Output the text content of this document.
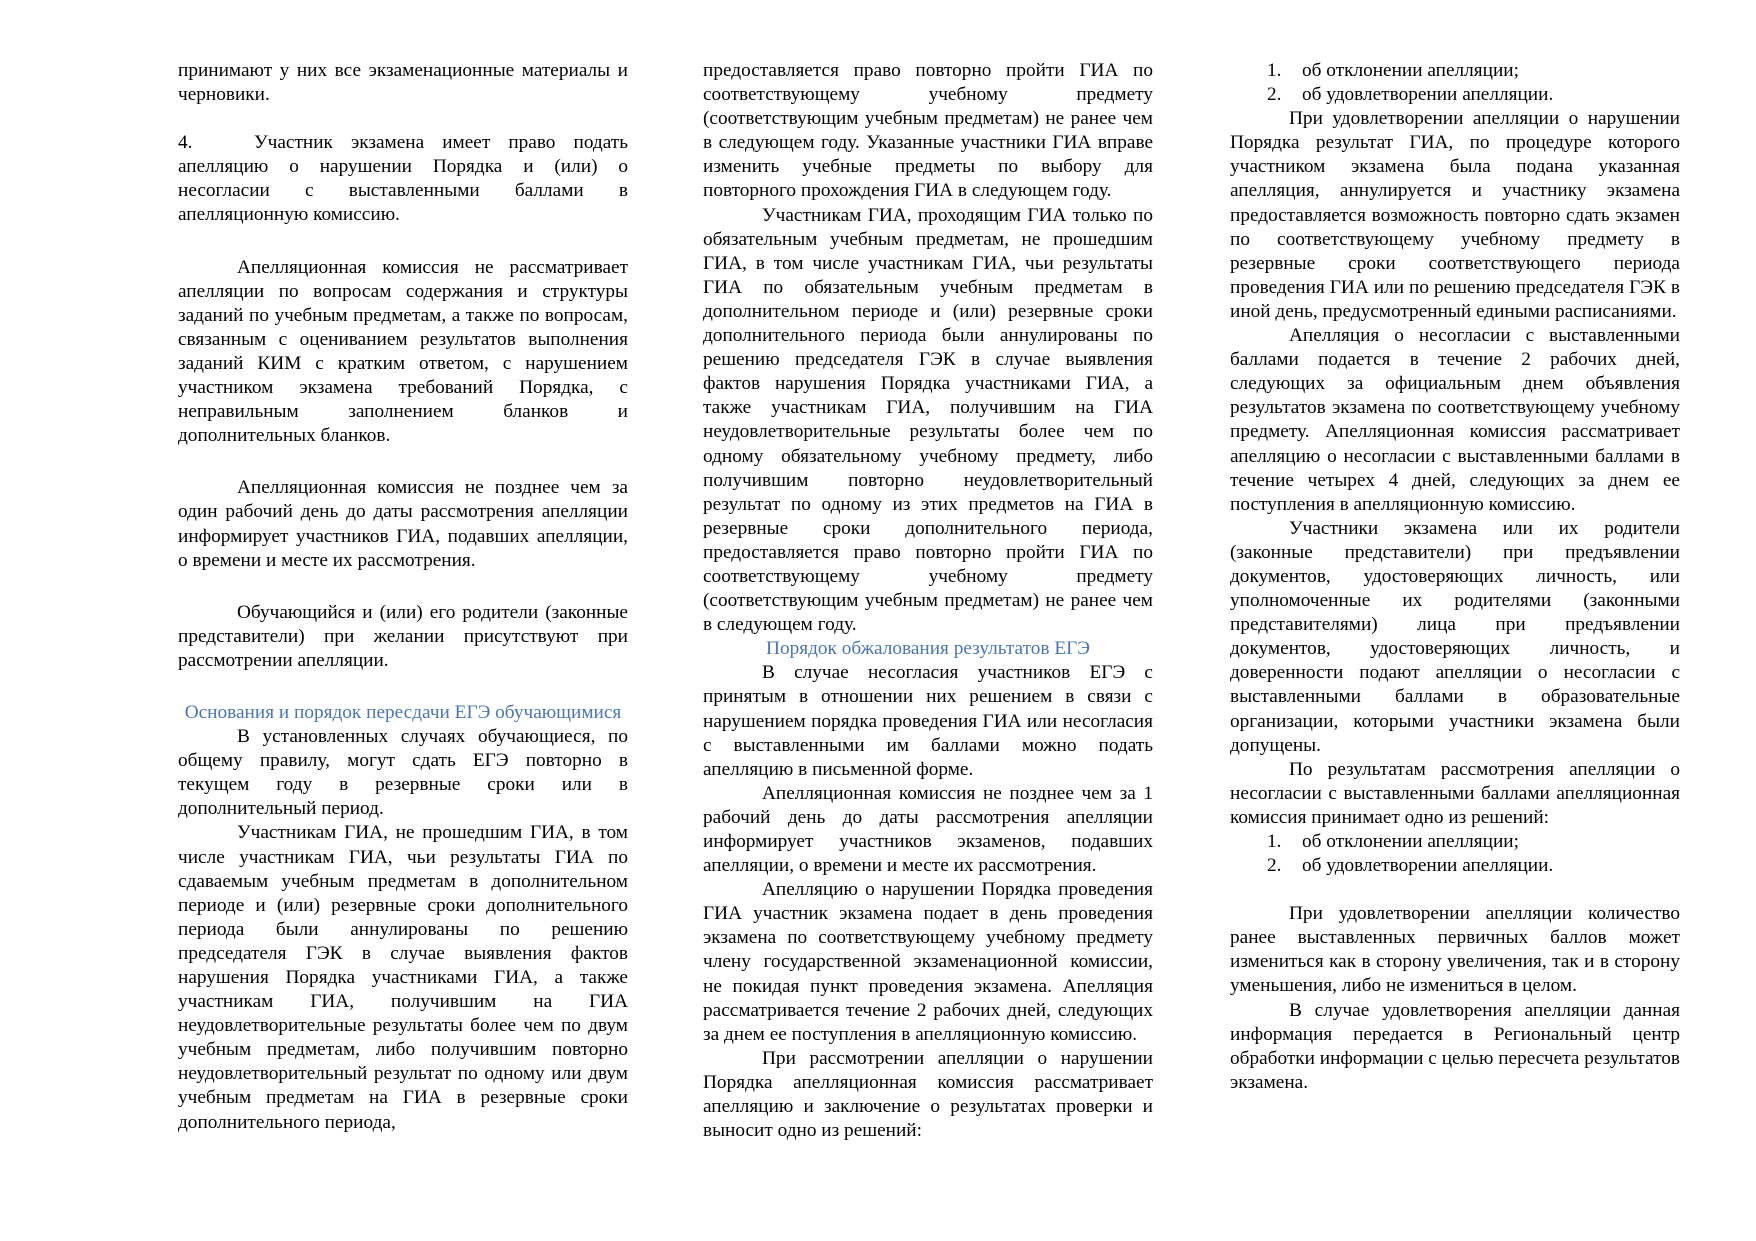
принимают у них все экзаменационные материалы и черновики.

4.	Участник экзамена имеет право подать апелляцию о нарушении Порядка и (или) о несогласии с выставленными баллами в апелляционную комиссию.

Апелляционная комиссия не рассматривает апелляции по вопросам содержания и структуры заданий по учебным предметам, а также по вопросам, связанным с оцениванием результатов выполнения заданий КИМ с кратким ответом, с нарушением участником экзамена требований Порядка, с неправильным заполнением бланков и дополнительных бланков.

Апелляционная комиссия не позднее чем за один рабочий день до даты рассмотрения апелляции информирует участников ГИА, подавших апелляции, о времени и месте их рассмотрения.

Обучающийся и (или) его родители (законные представители) при желании присутствуют при рассмотрении апелляции.

Основания и порядок пересдачи ЕГЭ обучающимися

В установленных случаях обучающиеся, по общему правилу, могут сдать ЕГЭ повторно в текущем году в резервные сроки или в дополнительный период.

Участникам ГИА, не прошедшим ГИА, в том числе участникам ГИА, чьи результаты ГИА по сдаваемым учебным предметам в дополнительном периоде и (или) резервные сроки дополнительного периода были аннулированы по решению председателя ГЭК в случае выявления фактов нарушения Порядка участниками ГИА, а также участникам ГИА, получившим на ГИА неудовлетворительные результаты более чем по двум учебным предметам, либо получившим повторно неудовлетворительный результат по одному или двум учебным предметам на ГИА в резервные сроки дополнительного периода,

предоставляется право повторно пройти ГИА по соответствующему учебному предмету (соответствующим учебным предметам) не ранее чем в следующем году. Указанные участники ГИА вправе изменить учебные предметы по выбору для повторного прохождения ГИА в следующем году.

Участникам ГИА, проходящим ГИА только по обязательным учебным предметам, не прошедшим ГИА, в том числе участникам ГИА, чьи результаты ГИА по обязательным учебным предметам в дополнительном периоде и (или) резервные сроки дополнительного периода были аннулированы по решению председателя ГЭК в случае выявления фактов нарушения Порядка участниками ГИА, а также участникам ГИА, получившим на ГИА неудовлетворительные результаты более чем по одному обязательному учебному предмету, либо получившим повторно неудовлетворительный результат по одному из этих предметов на ГИА в резервные сроки дополнительного периода, предоставляется право повторно пройти ГИА по соответствующему учебному предмету (соответствующим учебным предметам) не ранее чем в следующем году.

Порядок обжалования результатов ЕГЭ

В случае несогласия участников ЕГЭ с принятым в отношении них решением в связи с нарушением порядка проведения ГИА или несогласия с выставленными им баллами можно подать апелляцию в письменной форме.

Апелляционная комиссия не позднее чем за 1 рабочий день до даты рассмотрения апелляции информирует участников экзаменов, подавших апелляции, о времени и месте их рассмотрения.

Апелляцию о нарушении Порядка проведения ГИА участник экзамена подает в день проведения экзамена по соответствующему учебному предмету члену государственной экзаменационной комиссии, не покидая пункт проведения экзамена. Апелляция рассматривается течение 2 рабочих дней, следующих за днем ее поступления в апелляционную комиссию.

При рассмотрении апелляции о нарушении Порядка апелляционная комиссия рассматривает апелляцию и заключение о результатах проверки и выносит одно из решений:

1.	об отклонении апелляции;
2.	об удовлетворении апелляции.

При удовлетворении апелляции о нарушении Порядка результат ГИА, по процедуре которого участником экзамена была подана указанная апелляция, аннулируется и участнику экзамена предоставляется возможность повторно сдать экзамен по соответствующему учебному предмету в резервные сроки соответствующего периода проведения ГИА или по решению председателя ГЭК в иной день, предусмотренный едиными расписаниями.

Апелляция о несогласии с выставленными баллами подается в течение 2 рабочих дней, следующих за официальным днем объявления результатов экзамена по соответствующему учебному предмету. Апелляционная комиссия рассматривает апелляцию о несогласии с выставленными баллами в течение четырех 4 дней, следующих за днем ее поступления в апелляционную комиссию.

Участники экзамена или их родители (законные представители) при предъявлении документов, удостоверяющих личность, или уполномоченные их родителями (законными представителями) лица при предъявлении документов, удостоверяющих личность, и доверенности подают апелляции о несогласии с выставленными баллами в образовательные организации, которыми участники экзамена были допущены.

По результатам рассмотрения апелляции о несогласии с выставленными баллами апелляционная комиссия принимает одно из решений:

1.	об отклонении апелляции;
2.	об удовлетворении апелляции.

При удовлетворении апелляции количество ранее выставленных первичных баллов может измениться как в сторону увеличения, так и в сторону уменьшения, либо не измениться в целом.

В случае удовлетворения апелляции данная информация передается в Региональный центр обработки информации с целью пересчета результатов экзамена.
